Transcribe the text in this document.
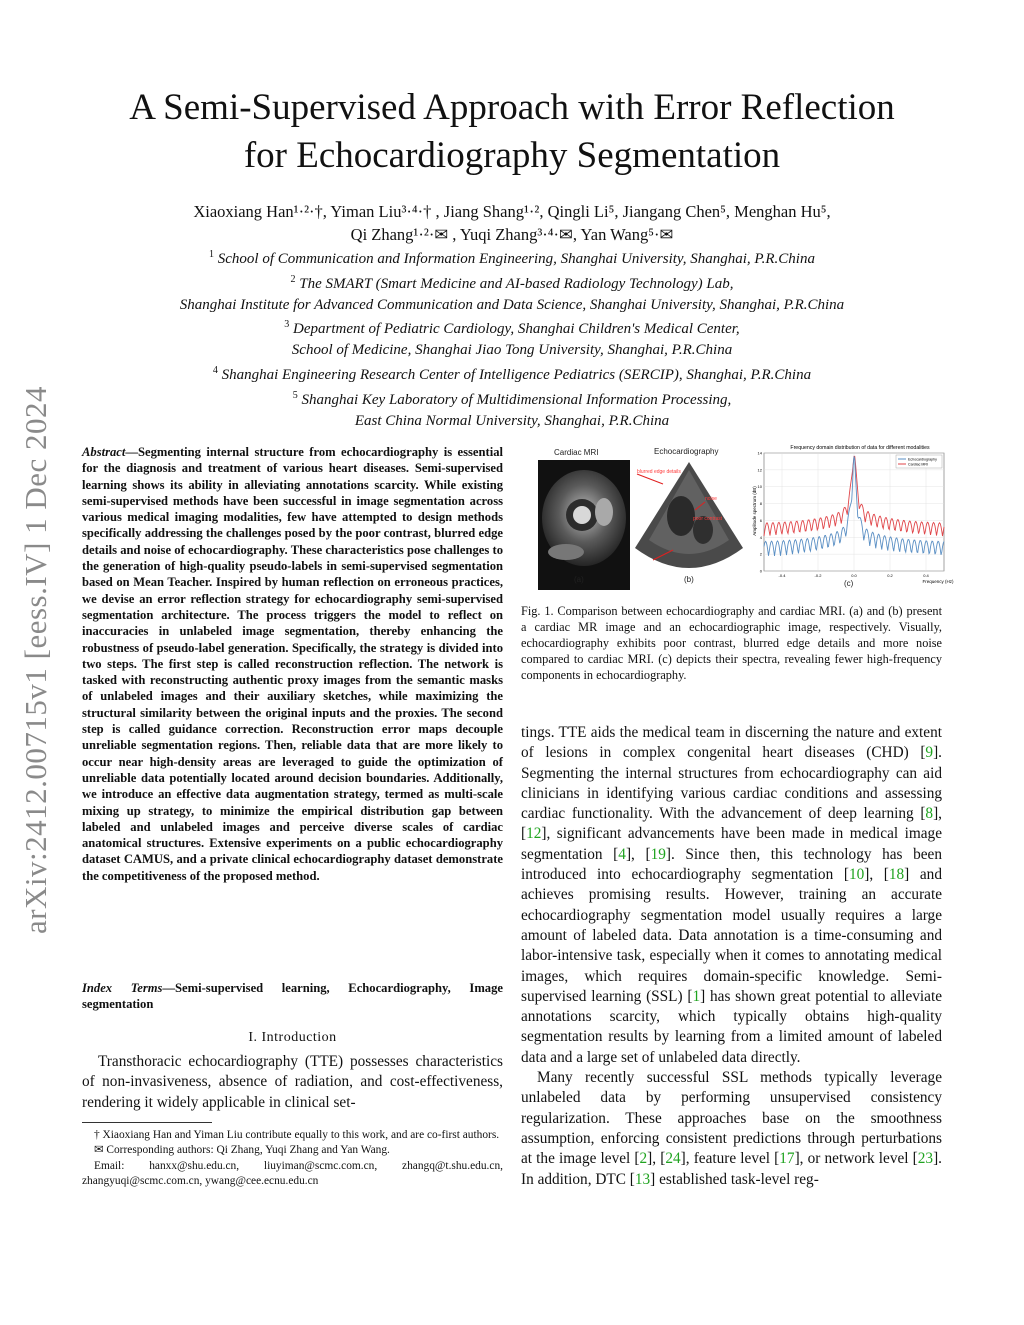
arXiv:2412.00715v1 [eess.IV] 1 Dec 2024
A Semi-Supervised Approach with Error Reflection
for Echocardiography Segmentation
Xiaoxiang Han¹·²·†, Yiman Liu³·⁴·† , Jiang Shang¹·², Qingli Li⁵, Jiangang Chen⁵, Menghan Hu⁵,
Qi Zhang¹·²·✉ , Yuqi Zhang³·⁴·✉, Yan Wang⁵·✉
$^1$ School of Communication and Information Engineering, Shanghai University, Shanghai, P.R.China
$^2$ The SMART (Smart Medicine and AI-based Radiology Technology) Lab,
Shanghai Institute for Advanced Communication and Data Science, Shanghai University, Shanghai, P.R.China
$^3$ Department of Pediatric Cardiology, Shanghai Children's Medical Center,
School of Medicine, Shanghai Jiao Tong University, Shanghai, P.R.China
$^4$ Shanghai Engineering Research Center of Intelligence Pediatrics (SERCIP), Shanghai, P.R.China
$^5$ Shanghai Key Laboratory of Multidimensional Information Processing,
East China Normal University, Shanghai, P.R.China
Abstract—Segmenting internal structure from echocardiography is essential for the diagnosis and treatment of various heart diseases. Semi-supervised learning shows its ability in alleviating annotations scarcity. While existing semi-supervised methods have been successful in image segmentation across various medical imaging modalities, few have attempted to design methods specifically addressing the challenges posed by the poor contrast, blurred edge details and noise of echocardiography. These characteristics pose challenges to the generation of high-quality pseudo-labels in semi-supervised segmentation based on Mean Teacher. Inspired by human reflection on erroneous practices, we devise an error reflection strategy for echocardiography semi-supervised segmentation architecture. The process triggers the model to reflect on inaccuracies in unlabeled image segmentation, thereby enhancing the robustness of pseudo-label generation. Specifically, the strategy is divided into two steps. The first step is called reconstruction reflection. The network is tasked with reconstructing authentic proxy images from the semantic masks of unlabeled images and their auxiliary sketches, while maximizing the structural similarity between the original inputs and the proxies. The second step is called guidance correction. Reconstruction error maps decouple unreliable segmentation regions. Then, reliable data that are more likely to occur near high-density areas are leveraged to guide the optimization of unreliable data potentially located around decision boundaries. Additionally, we introduce an effective data augmentation strategy, termed as multi-scale mixing up strategy, to minimize the empirical distribution gap between labeled and unlabeled images and perceive diverse scales of cardiac anatomical structures. Extensive experiments on a public echocardiography dataset CAMUS, and a private clinical echocardiography dataset demonstrate the competitiveness of the proposed method.
Index Terms—Semi-supervised learning, Echocardiography, Image segmentation
I. Introduction
Transthoracic echocardiography (TTE) possesses characteristics of non-invasiveness, absence of radiation, and cost-effectiveness, rendering it widely applicable in clinical set-

† Xiaoxiang Han and Yiman Liu contribute equally to this work, and are co-first authors.

✉ Corresponding authors: Qi Zhang, Yuqi Zhang and Yan Wang.

Email: hanxx@shu.edu.cn, liuyiman@scmc.com.cn, zhangq@t.shu.edu.cn, zhangyuqi@scmc.com.cn, ywang@cee.ecnu.edu.cn

Cardiac MRI	Echocardiography
(a)
blurred edge details
noise
poor contrast
(b)
Frequency domain distribution of data for different modalities
Amplitude spectrum (dB)
Frequency (Hz)
-0.4	-0.2	0.0	0.2	0.4
0
2
4
6
8
10
12
14
Echocardiography
Cardiac MRI
(c)
Fig. 1. Comparison between echocardiography and cardiac MRI. (a) and (b) present a cardiac MR image and an echocardiographic image, respectively. Visually, echocardiography exhibits poor contrast, blurred edge details and more noise compared to cardiac MRI. (c) depicts their spectra, revealing fewer high-frequency components in echocardiography.

tings. TTE aids the medical team in discerning the nature and extent of lesions in complex congenital heart diseases (CHD) [9]. Segmenting the internal structures from echocardiography can aid clinicians in identifying various cardiac conditions and assessing cardiac functionality. With the advancement of deep learning [8], [12], significant advancements have been made in medical image segmentation [4], [19]. Since then, this technology has been introduced into echocardiography segmentation [10], [18] and achieves promising results. However, training an accurate echocardiography segmentation model usually requires a large amount of labeled data. Data annotation is a time-consuming and labor-intensive task, especially when it comes to annotating medical images, which requires domain-specific knowledge. Semi-supervised learning (SSL) [1] has shown great potential to alleviate annotations scarcity, which typically obtains high-quality segmentation results by learning from a limited amount of labeled data and a large set of unlabeled data directly.

Many recently successful SSL methods typically leverage unlabeled data by performing unsupervised consistency regularization. These approaches base on the smoothness assumption, enforcing consistent predictions through perturbations at the image level [2], [24], feature level [17], or network level [23]. In addition, DTC [13] established task-level reg-
